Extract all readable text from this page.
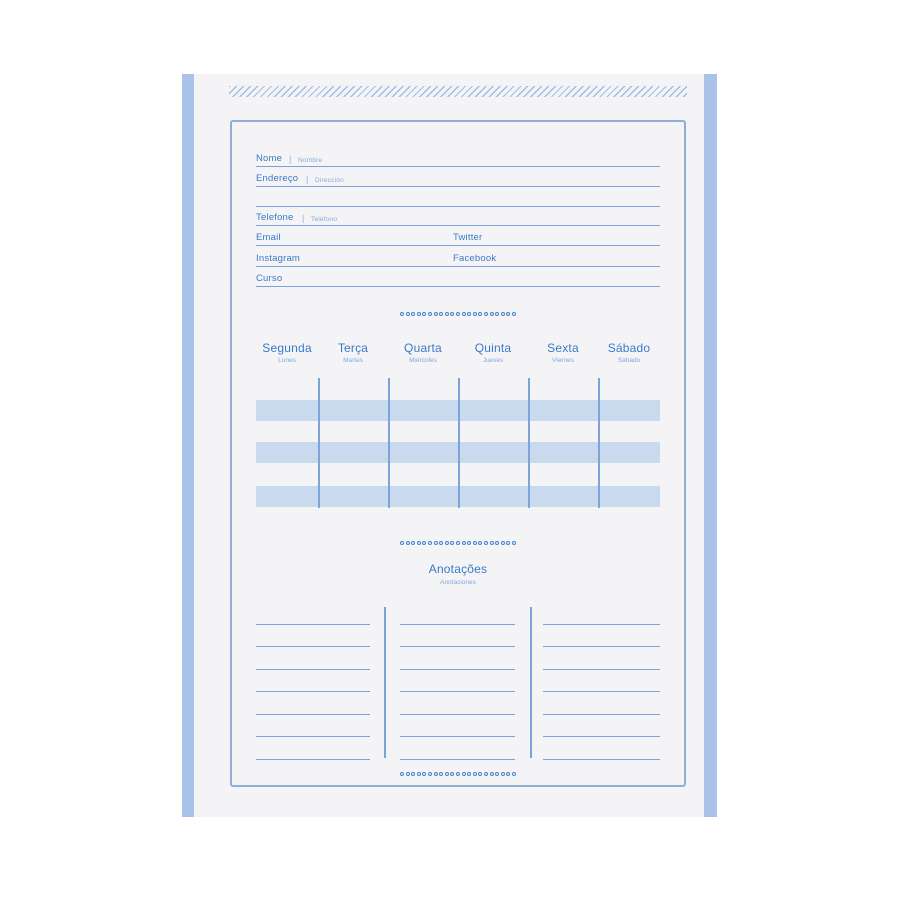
Nome | Nombre
Endereço | Dirección
Telefone | Teléfono
Email	Twitter
Instagram	Facebook
Curso
Segunda
Lunes
Terça
Martes
Quarta
Miércoles
Quinta
Jueves
Sexta
Viernes
Sábado
Sábado
Anotações
Anotaciones
